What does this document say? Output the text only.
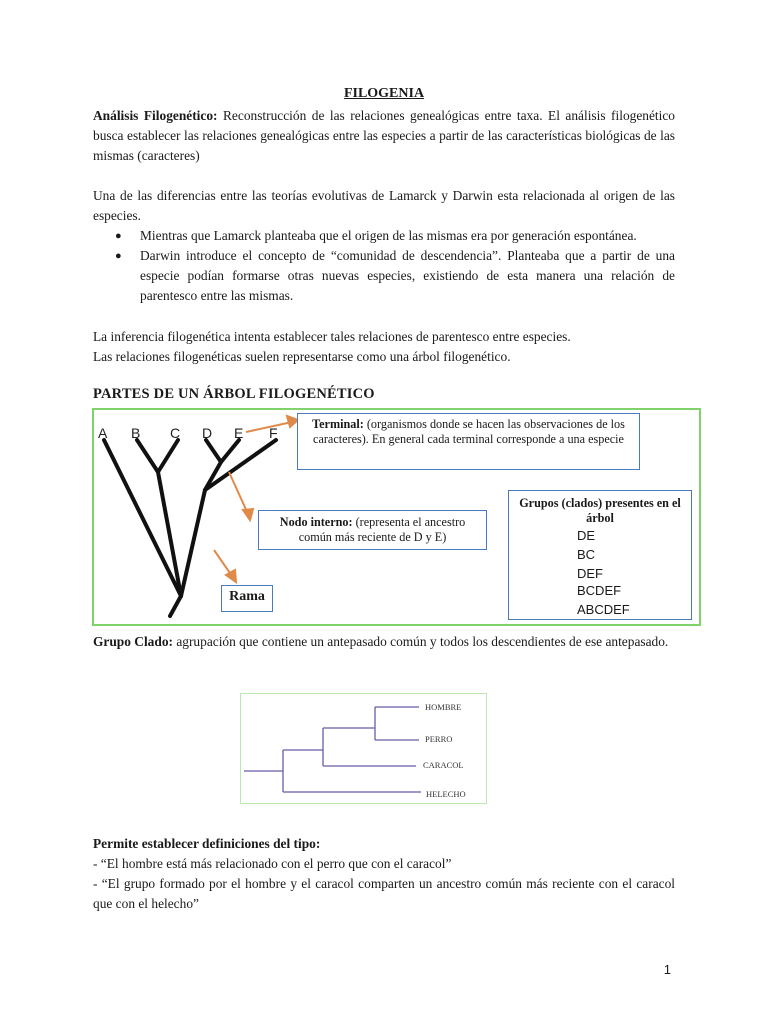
FILOGENIA

Análisis Filogenético: Reconstrucción de las relaciones genealógicas entre taxa. El análisis filogenético busca establecer las relaciones genealógicas entre las especies a partir de las características biológicas de las mismas (caracteres)

Una de las diferencias entre las teorías evolutivas de Lamarck y Darwin esta relacionada al origen de las especies.

● Mientras que Lamarck planteaba que el origen de las mismas era por generación espontánea.
● Darwin introduce el concepto de “comunidad de descendencia”. Planteaba que a partir de una especie podían formarse otras nuevas especies, existiendo de esta manera una relación de parentesco entre las mismas.

La inferencia filogenética intenta establecer tales relaciones de parentesco entre especies.

Las relaciones filogenéticas suelen representarse como una árbol filogenético.

PARTES DE UN ÁRBOL FILOGENÉTICO
A B C D E F
Terminal: (organismos donde se hacen las observaciones de los caracteres). En general cada terminal corresponde a una especie
Nodo interno: (representa el ancestro común más reciente de D y E)
Rama
Grupos (clados) presentes en el árbol
DE
BC
DEF
BCDEF
ABCDEF

Grupo Clado: agrupación que contiene un antepasado común y todos los descendientes de ese antepasado.

HOMBRE
PERRO
CARACOL
HELECHO

Permite establecer definiciones del tipo:

- “El hombre está más relacionado con el perro que con el caracol”

- “El grupo formado por el hombre y el caracol comparten un ancestro común más reciente con el caracol que con el helecho”

1
